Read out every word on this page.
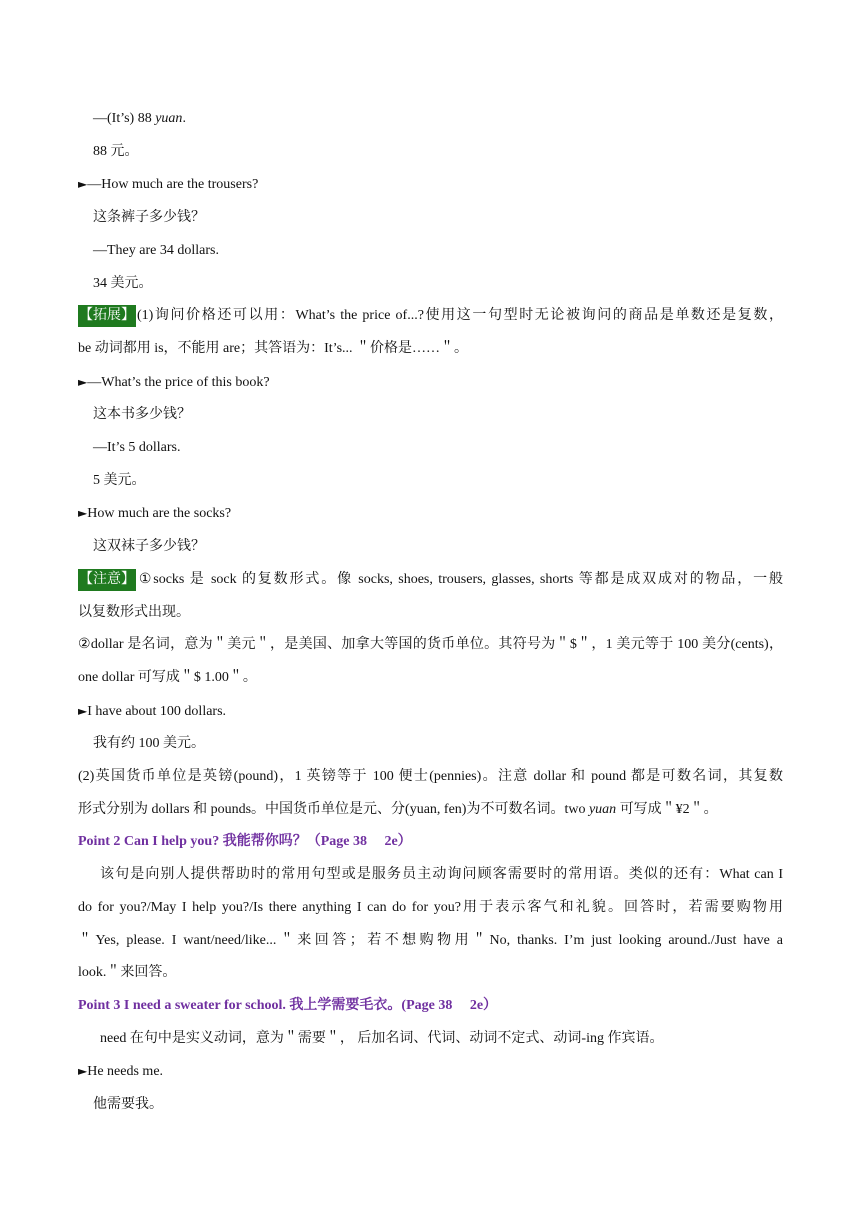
—(It’s) 88 yuan.
88 元。
►—How much are the trousers?
这条裤子多少钱？
—They are 34 dollars.
34 美元。
【拓展】 (1)询问价格还可以用：What’s the price of...?使用这一句型时无论被询问的商品是单数还是复数，
be 动词都用 is，不能用 are；其答语为：It’s... ＂价格是……＂。
►—What’s the price of this book?
这本书多少钱？
—It’s 5 dollars.
5 美元。
►How much are the socks?
这双袜子多少钱？
【注意】 ①socks 是 sock 的复数形式。像 socks, shoes, trousers, glasses, shorts 等都是成双成对的物品，一般
以复数形式出现。
②dollar 是名词，意为＂美元＂，是美国、加拿大等国的货币单位。其符号为＂$＂，1 美元等于 100 美分(cents)，
one dollar 可写成＂$ 1.00＂。
►I have about 100 dollars.
我有约 100 美元。
(2)英国货币单位是英镑(pound)，1 英镑等于 100 便士(pennies)。注意 dollar 和 pound 都是可数名词，其复数
形式分别为 dollars 和 pounds。中国货币单位是元、分(yuan, fen)为不可数名词。two yuan 可写成＂¥2＂。
Point 2 Can I help you? 我能帮你吗？（Page 38　 2e）
该句是向别人提供帮助时的常用句型或是服务员主动询问顾客需要时的常用语。类似的还有：What can I
do for you?/May I help you?/Is there anything I can do for you?用于表示客气和礼貌。回答时，若需要购物用
＂Yes, please. I want/need/like...＂来回答；若不想购物用＂No, thanks. I’m just looking around./Just have a
look.＂来回答。
Point 3 I need a sweater for school. 我上学需要毛衣。(Page 38　 2e）
need 在句中是实义动词，意为＂需要＂， 后加名词、代词、动词不定式、动词-ing 作宾语。
►He needs me.
他需要我。
